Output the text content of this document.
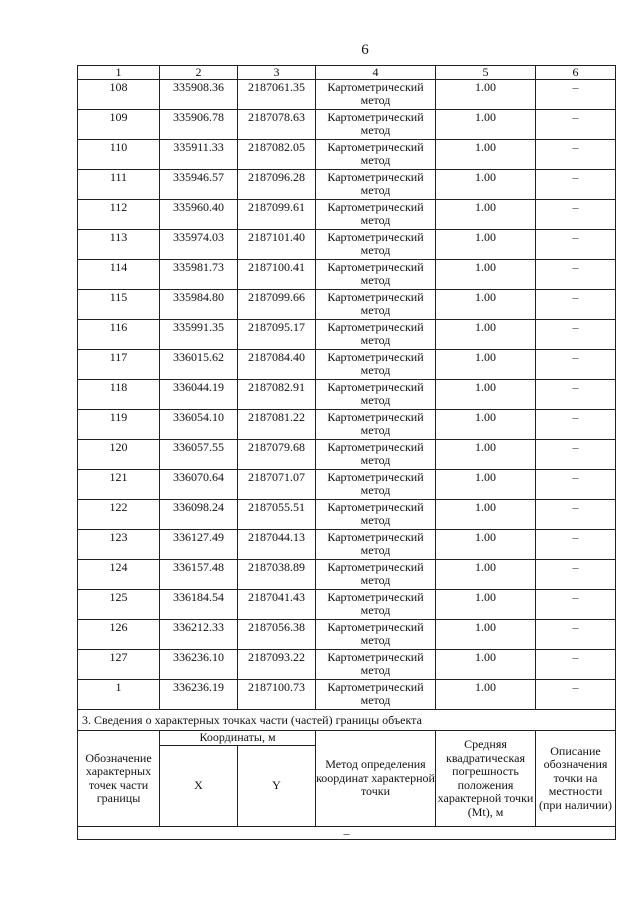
6
1	2	3	4	5	6
108	335908.36	2187061.35	Картометрический метод	1.00	–
109	335906.78	2187078.63	Картометрический метод	1.00	–
110	335911.33	2187082.05	Картометрический метод	1.00	–
111	335946.57	2187096.28	Картометрический метод	1.00	–
112	335960.40	2187099.61	Картометрический метод	1.00	–
113	335974.03	2187101.40	Картометрический метод	1.00	–
114	335981.73	2187100.41	Картометрический метод	1.00	–
115	335984.80	2187099.66	Картометрический метод	1.00	–
116	335991.35	2187095.17	Картометрический метод	1.00	–
117	336015.62	2187084.40	Картометрический метод	1.00	–
118	336044.19	2187082.91	Картометрический метод	1.00	–
119	336054.10	2187081.22	Картометрический метод	1.00	–
120	336057.55	2187079.68	Картометрический метод	1.00	–
121	336070.64	2187071.07	Картометрический метод	1.00	–
122	336098.24	2187055.51	Картометрический метод	1.00	–
123	336127.49	2187044.13	Картометрический метод	1.00	–
124	336157.48	2187038.89	Картометрический метод	1.00	–
125	336184.54	2187041.43	Картометрический метод	1.00	–
126	336212.33	2187056.38	Картометрический метод	1.00	–
127	336236.10	2187093.22	Картометрический метод	1.00	–
1	336236.19	2187100.73	Картометрический метод	1.00	–
3. Сведения о характерных точках части (частей) границы объекта					
Обозначение характерных точек части границы	Координаты, м		Метод определения координат характерной точки	Средняя квадратическая погрешность положения характерной точки (Mt), м	Описание обозначения точки на местности (при наличии)
	X	Y			
–					
